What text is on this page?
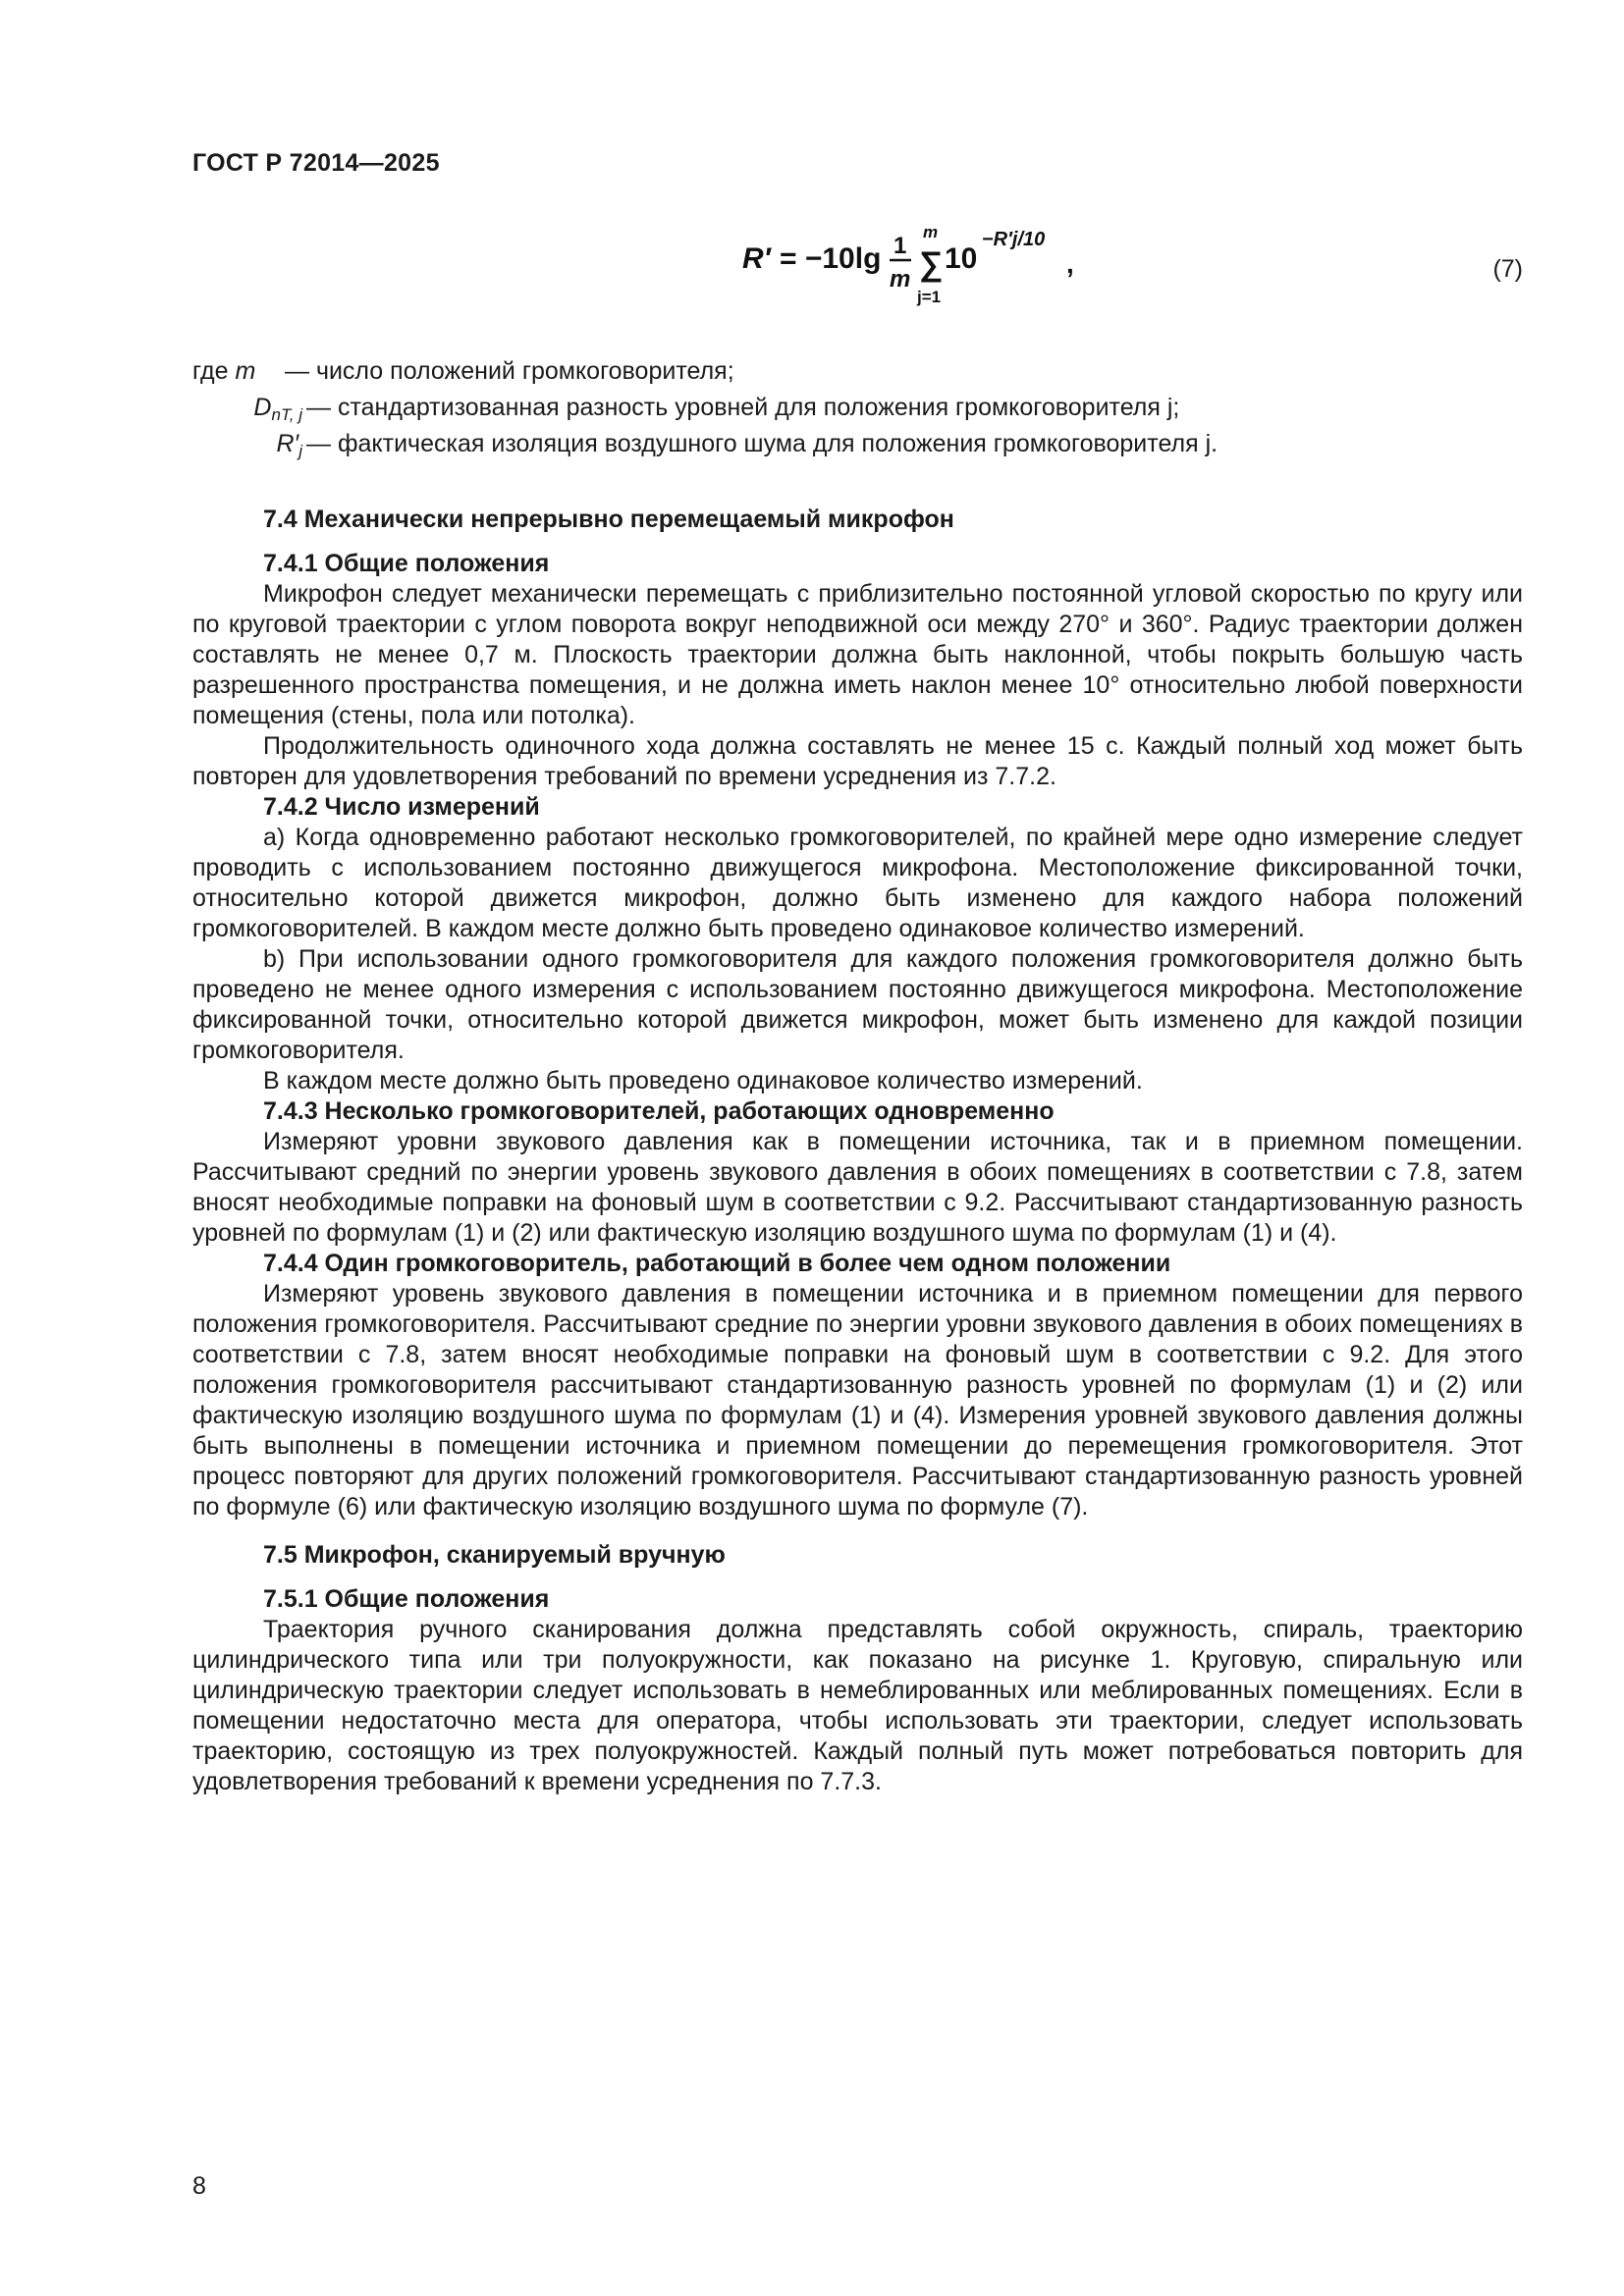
ГОСТ Р 72014—2025
R′ = −10lg 1
m
m
∑
j=1
10
−R′j/10
,	(7)
где m	— число положений громкоговорителя;
$D_{nT, j}$ — стандартизованная разность уровней для положения громкоговорителя j;
$R'_j$ — фактическая изоляция воздушного шума для положения громкоговорителя j.
7.4 Механически непрерывно перемещаемый микрофон
7.4.1 Общие положения

Микрофон следует механически перемещать с приблизительно постоянной угловой скоростью по кругу или по круговой траектории с углом поворота вокруг неподвижной оси между 270° и 360°. Радиус траектории должен составлять не менее 0,7 м. Плоскость траектории должна быть наклонной, чтобы покрыть большую часть разрешенного пространства помещения, и не должна иметь наклон менее 10° относительно любой поверхности помещения (стены, пола или потолка).

Продолжительность одиночного хода должна составлять не менее 15 с. Каждый полный ход может быть повторен для удовлетворения требований по времени усреднения из 7.7.2.

7.4.2 Число измерений

a) Когда одновременно работают несколько громкоговорителей, по крайней мере одно измерение следует проводить с использованием постоянно движущегося микрофона. Местоположение фиксированной точки, относительно которой движется микрофон, должно быть изменено для каждого набора положений громкоговорителей. В каждом месте должно быть проведено одинаковое количество измерений.

b) При использовании одного громкоговорителя для каждого положения громкоговорителя должно быть проведено не менее одного измерения с использованием постоянно движущегося микрофона. Местоположение фиксированной точки, относительно которой движется микрофон, может быть изменено для каждой позиции громкоговорителя.

В каждом месте должно быть проведено одинаковое количество измерений.

7.4.3 Несколько громкоговорителей, работающих одновременно

Измеряют уровни звукового давления как в помещении источника, так и в приемном помещении. Рассчитывают средний по энергии уровень звукового давления в обоих помещениях в соответствии с 7.8, затем вносят необходимые поправки на фоновый шум в соответствии с 9.2. Рассчитывают стандартизованную разность уровней по формулам (1) и (2) или фактическую изоляцию воздушного шума по формулам (1) и (4).

7.4.4 Один громкоговоритель, работающий в более чем одном положении

Измеряют уровень звукового давления в помещении источника и в приемном помещении для первого положения громкоговорителя. Рассчитывают средние по энергии уровни звукового давления в обоих помещениях в соответствии с 7.8, затем вносят необходимые поправки на фоновый шум в соответствии с 9.2. Для этого положения громкоговорителя рассчитывают стандартизованную разность уровней по формулам (1) и (2) или фактическую изоляцию воздушного шума по формулам (1) и (4). Измерения уровней звукового давления должны быть выполнены в помещении источника и приемном помещении до перемещения громкоговорителя. Этот процесс повторяют для других положений громкоговорителя. Рассчитывают стандартизованную разность уровней по формуле (6) или фактическую изоляцию воздушного шума по формуле (7).

7.5 Микрофон, сканируемый вручную
7.5.1 Общие положения

Траектория ручного сканирования должна представлять собой окружность, спираль, траекторию цилиндрического типа или три полуокружности, как показано на рисунке 1. Круговую, спиральную или цилиндрическую траектории следует использовать в немеблированных или меблированных помещениях. Если в помещении недостаточно места для оператора, чтобы использовать эти траектории, следует использовать траекторию, состоящую из трех полуокружностей. Каждый полный путь может потребоваться повторить для удовлетворения требований к времени усреднения по 7.7.3.

8
